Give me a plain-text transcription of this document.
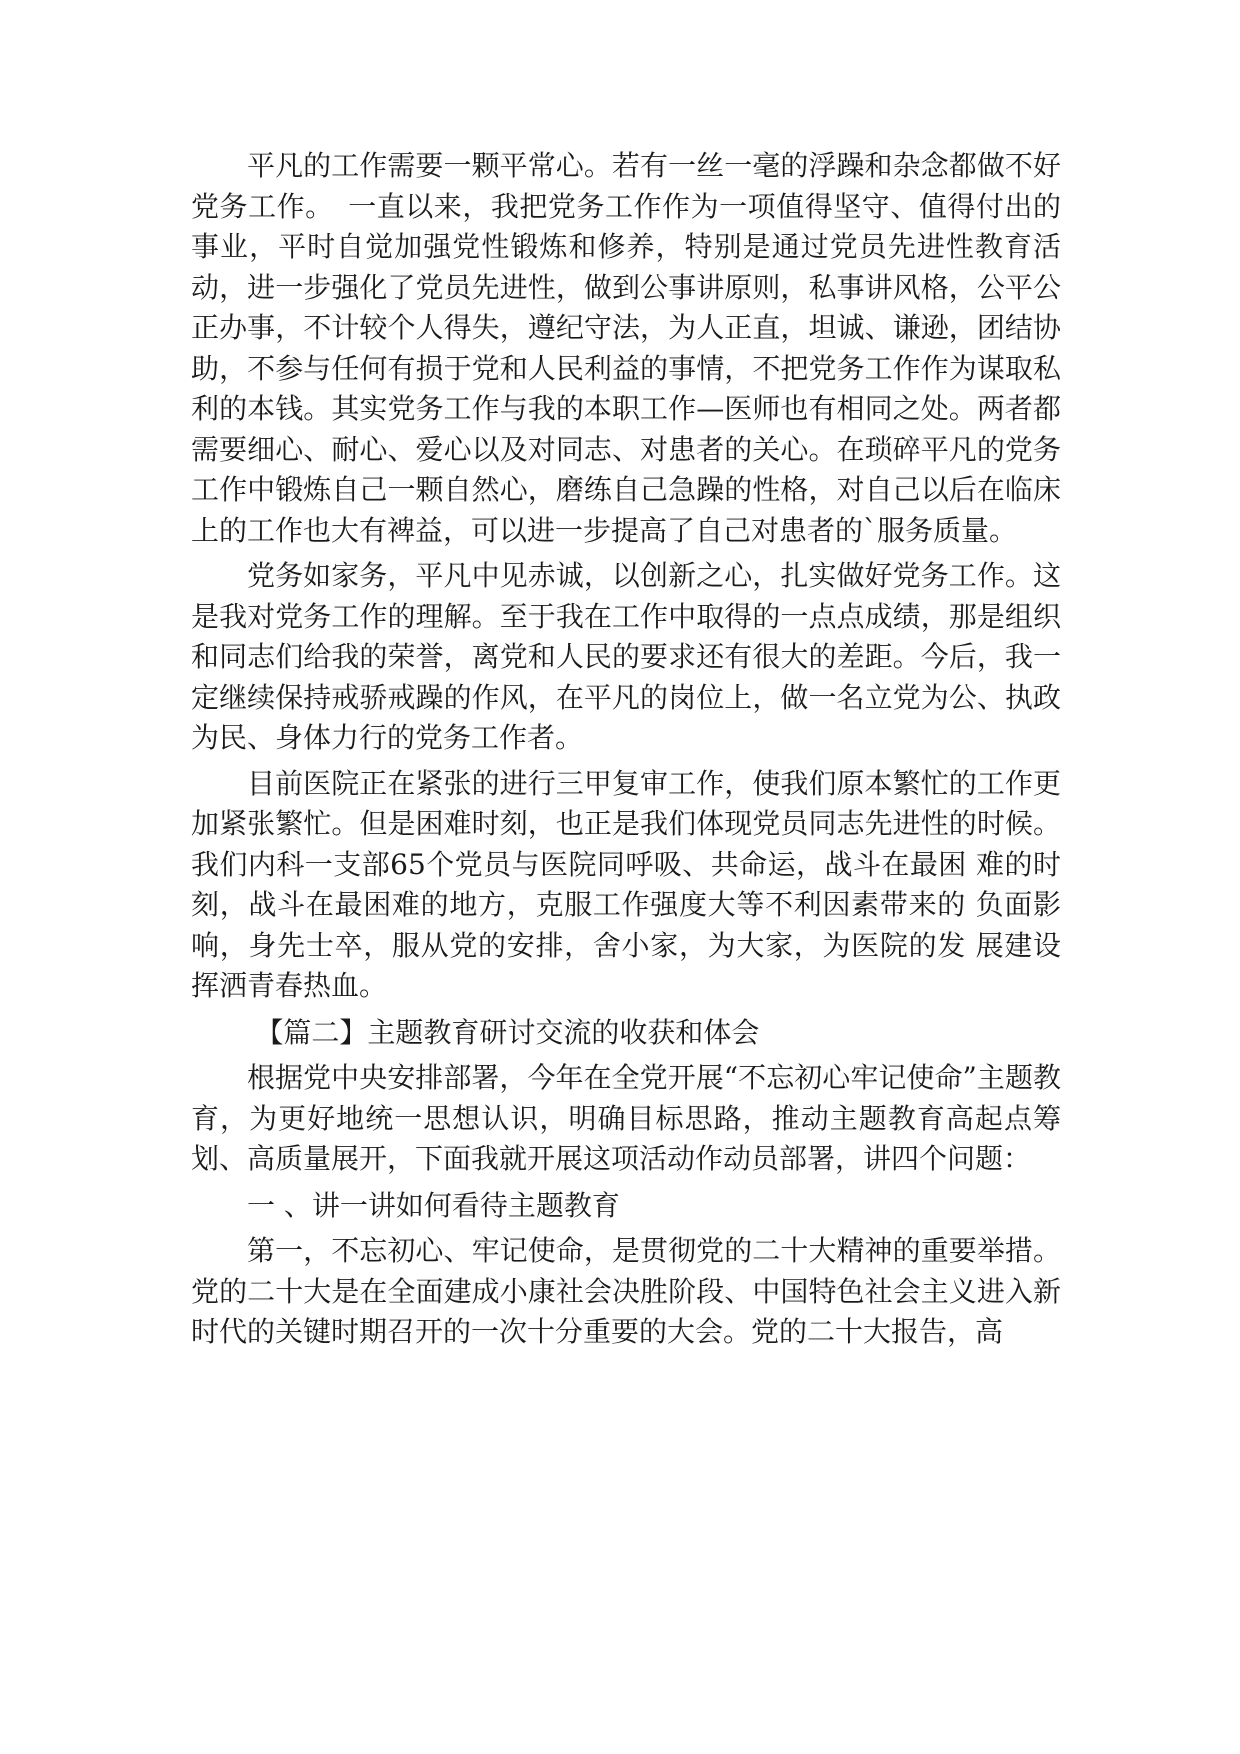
平凡的工作需要一颗平常心。若有一丝一毫的浮躁和杂念都做不好党务工作。　一直以来，我把党务工作作为一项值得坚守、值得付出的事业，平时自觉加强党性锻炼和修养，特别是通过党员先进性教育活动，进一步强化了党员先进性，做到公事讲原则，私事讲风格，公平公正办事，不计较个人得失，遵纪守法，为人正直，坦诚、谦逊，团结协助，不参与任何有损于党和人民利益的事情，不把党务工作作为谋取私利的本钱。其实党务工作与我的本职工作—医师也有相同之处。两者都需要细心、耐心、爱心以及对同志、对患者的关心。在琐碎平凡的党务工作中锻炼自己一颗自然心，磨练自己急躁的性格，对自己以后在临床上的工作也大有裨益，可以进一步提高了自己对患者的`服务质量。

党务如家务，平凡中见赤诚，以创新之心，扎实做好党务工作。这是我对党务工作的理解。至于我在工作中取得的一点点成绩，那是组织和同志们给我的荣誉，离党和人民的要求还有很大的差距。今后，我一定继续保持戒骄戒躁的作风，在平凡的岗位上，做一名立党为公、执政为民、身体力行的党务工作者。

目前医院正在紧张的进行三甲复审工作，使我们原本繁忙的工作更加紧张繁忙。但是困难时刻，也正是我们体现党员同志先进性的时候。我们内科一支部65个党员与医院同呼吸、共命运，战斗在最困 难的时刻，战斗在最困难的地方，克服工作强度大等不利因素带来的 负面影响，身先士卒，服从党的安排，舍小家，为大家，为医院的发 展建设挥洒青春热血。

【篇二】主题教育研讨交流的收获和体会

根据党中央安排部署，今年在全党开展“不忘初心牢记使命”主题教育，为更好地统一思想认识，明确目标思路，推动主题教育高起点筹划、高质量展开，下面我就开展这项活动作动员部署，讲四个问题：

一 、讲一讲如何看待主题教育

第一，不忘初心、牢记使命，是贯彻党的二十大精神的重要举措。党的二十大是在全面建成小康社会决胜阶段、中国特色社会主义进入新时代的关键时期召开的一次十分重要的大会。党的二十大报告，高
